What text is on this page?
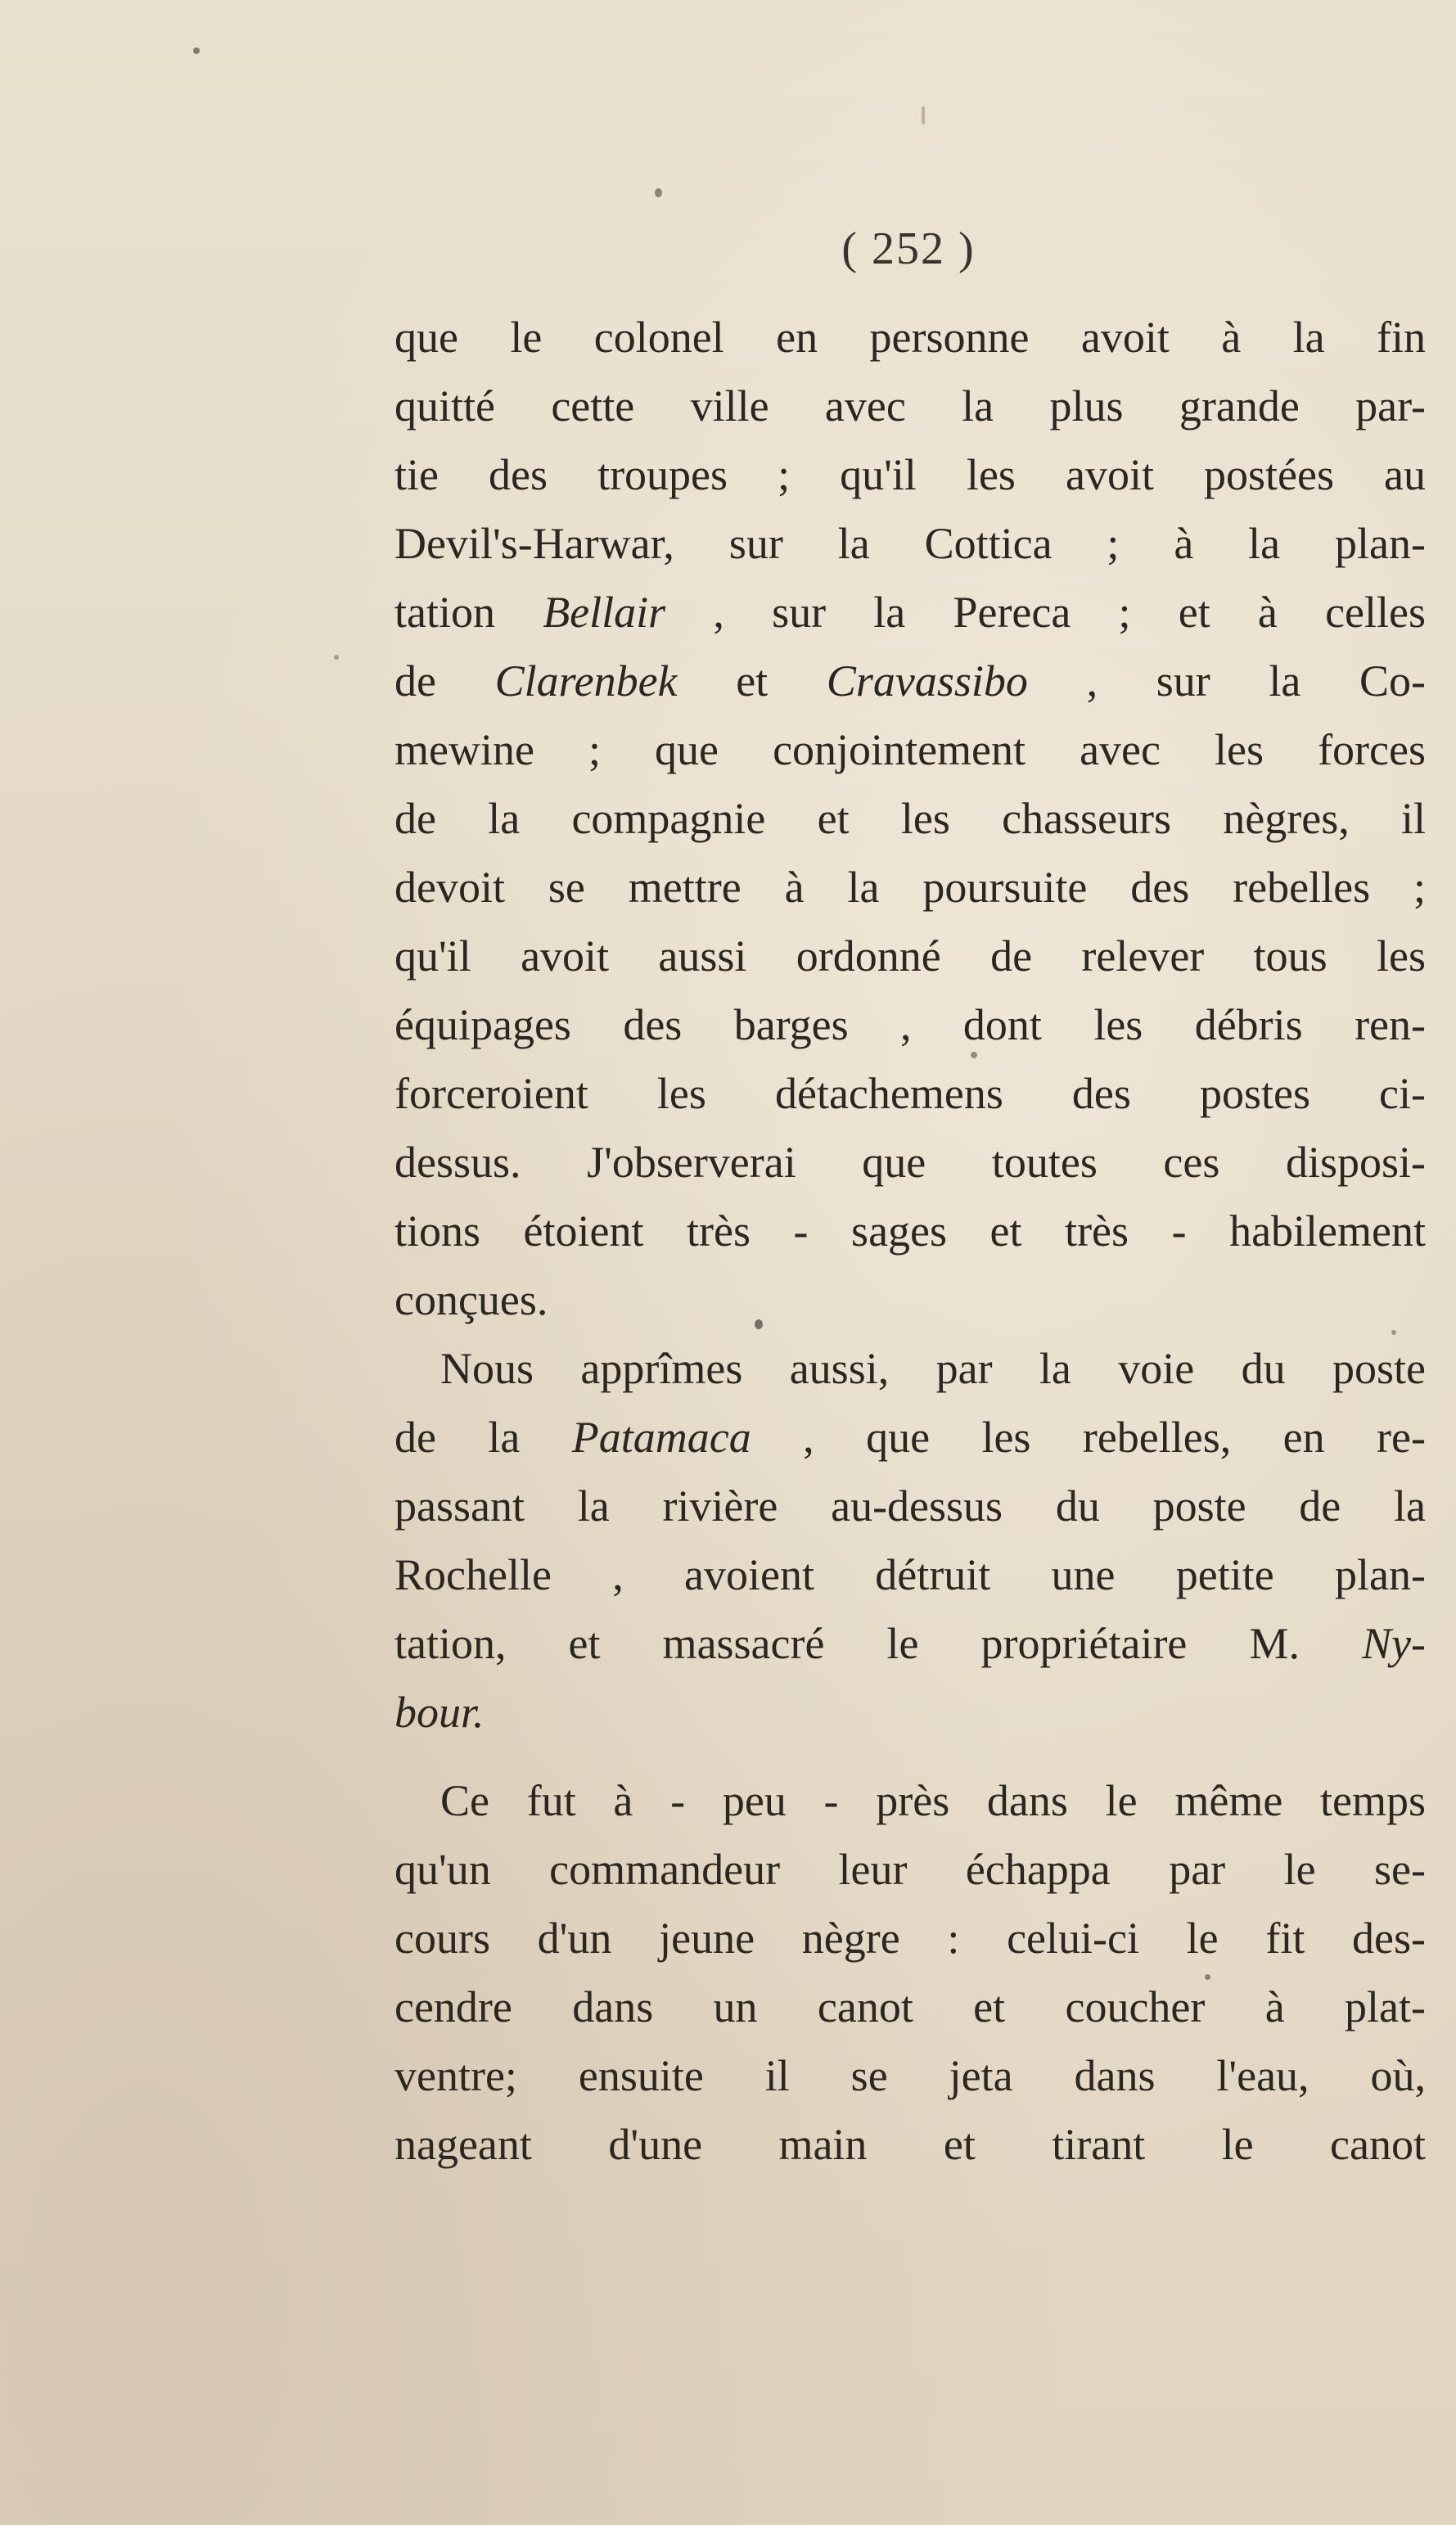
( 252 )
que le colonel en personne avoit à la fin
quitté cette ville avec la plus grande par-
tie des troupes ; qu'il les avoit postées au
Devil's-Harwar, sur la Cottica ; à la plan-
tation Bellair , sur la Pereca ; et à celles
de Clarenbek et Cravassibo , sur la Co-
mewine ; que conjointement avec les forces
de la compagnie et les chasseurs nègres, il
devoit se mettre à la poursuite des rebelles ;
qu'il avoit aussi ordonné de relever tous les
équipages des barges , dont les débris ren-
forceroient les détachemens des postes ci-
dessus. J'observerai que toutes ces disposi-
tions étoient très - sages et très - habilement
conçues.
Nous apprîmes aussi, par la voie du poste
de la Patamaca , que les rebelles, en re-
passant la rivière au-dessus du poste de la
Rochelle , avoient détruit une petite plan-
tation, et massacré le propriétaire M. Ny-
bour.
Ce fut à - peu - près dans le même temps
qu'un commandeur leur échappa par le se-
cours d'un jeune nègre : celui-ci le fit des-
cendre dans un canot et coucher à plat-
ventre; ensuite il se jeta dans l'eau, où,
nageant d'une main et tirant le canot
